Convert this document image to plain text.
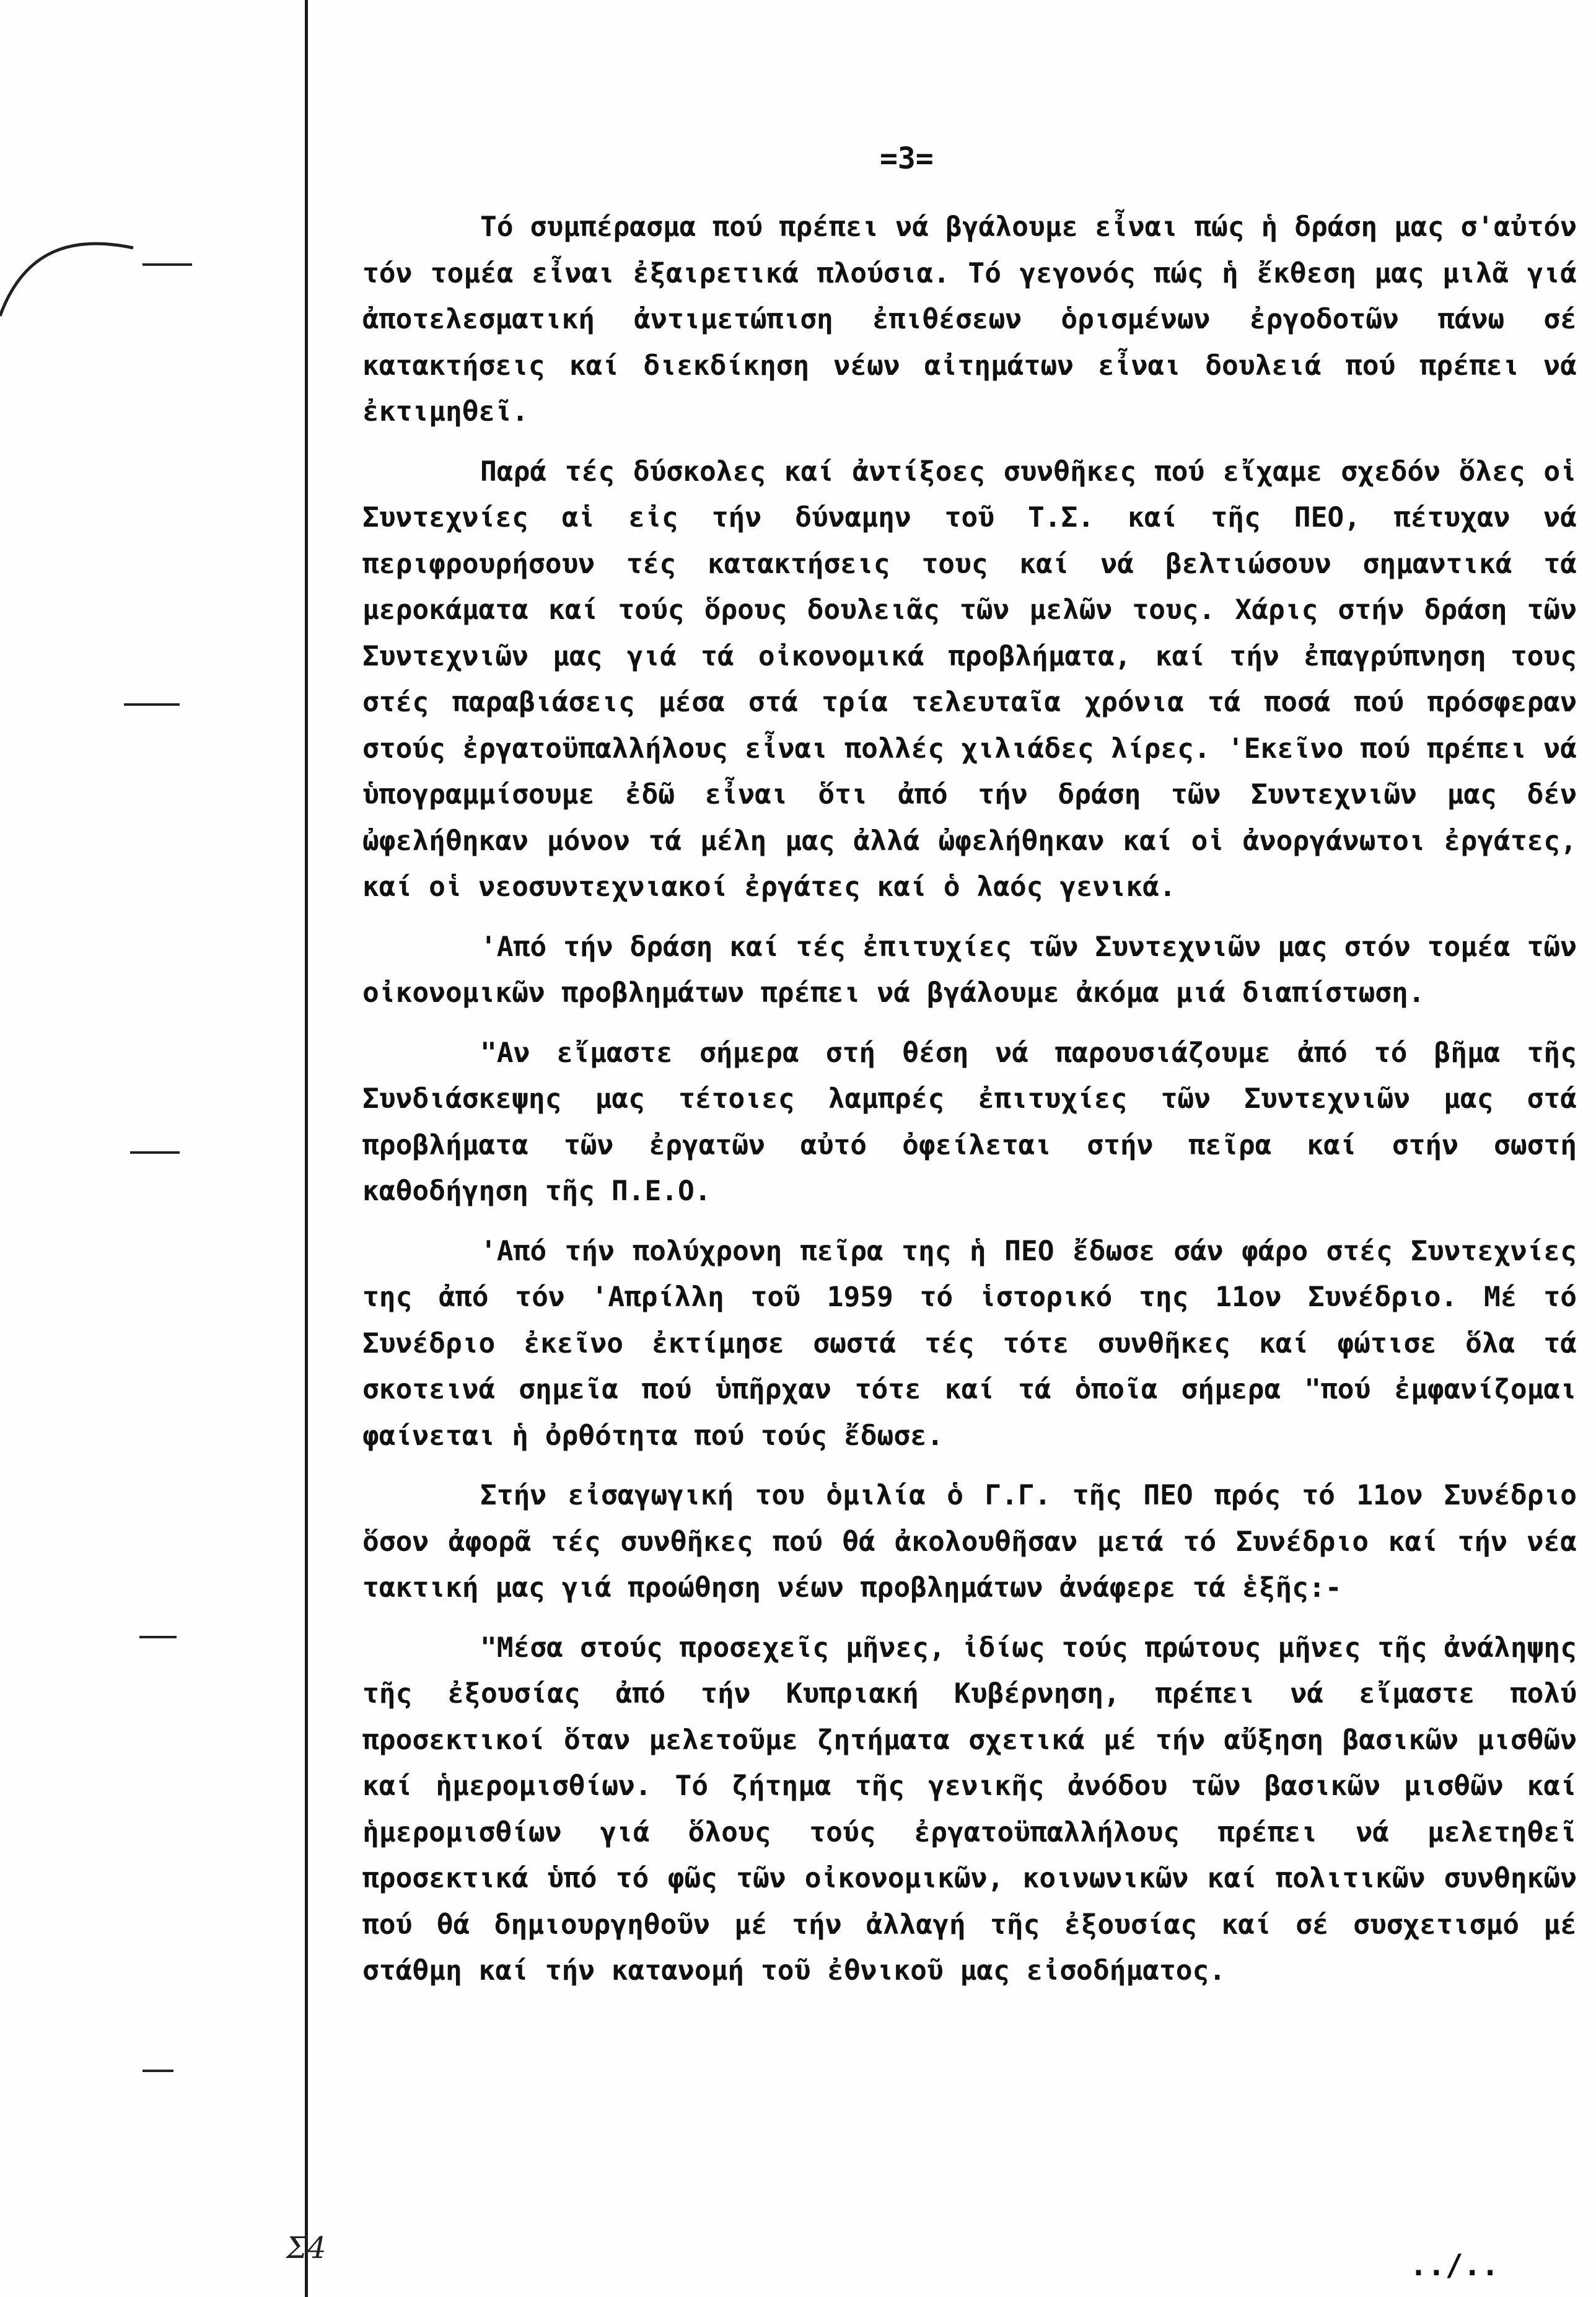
=3=

Τό συμπέρασμα πού πρέπει νά βγάλουμε εἶναι πώς ἡ δράση μας σ'αὐτόν τόν τομέα εἶναι ἐξαιρετικά πλούσια. Τό γεγονός πώς ἡ ἔκθεση μας μιλᾶ γιά ἀποτελεσματική ἀντιμετώπιση ἐπιθέσεων ὁρισμένων ἐργοδοτῶν πάνω σέ κατακτήσεις καί διεκδίκηση νέων αἰτημάτων εἶναι δουλειά πού πρέπει νά ἐκτιμηθεῖ.

Παρά τές δύσκολες καί ἀντίξοες συνθῆκες πού εἴχαμε σχεδόν ὅλες οἱ Συντεχνίες αἱ εἰς τήν δύναμην τοῦ Τ.Σ. καί τῆς ΠΕΟ, πέτυχαν νά περιφρουρήσουν τές κατακτήσεις τους καί νά βελτιώσουν σημαντικά τά μεροκάματα καί τούς ὅρους δουλειᾶς τῶν μελῶν τους. Χάρις στήν δράση τῶν Συντεχνιῶν μας γιά τά οἰκονομικά προβλήματα, καί τήν ἐπαγρύπνηση τους στές παραβιάσεις μέσα στά τρία τελευταῖα χρόνια τά ποσά πού πρόσφεραν στούς ἐργατοϋπαλλήλους εἶναι πολλές χιλιάδες λίρες. 'Εκεῖνο πού πρέπει νά ὑπογραμμίσουμε ἐδῶ εἶναι ὅτι ἀπό τήν δράση τῶν Συντεχνιῶν μας δέν ὠφελήθηκαν μόνον τά μέλη μας ἀλλά ὠφελήθηκαν καί οἱ ἀνοργάνωτοι ἐργάτες, καί οἱ νεοσυντεχνιακοί ἐργάτες καί ὁ λαός γενικά.

'Από τήν δράση καί τές ἐπιτυχίες τῶν Συντεχνιῶν μας στόν τομέα τῶν οἰκονομικῶν προβλημάτων πρέπει νά βγάλουμε ἀκόμα μιά διαπίστωση.

"Αν εἴμαστε σήμερα στή θέση νά παρουσιάζουμε ἀπό τό βῆμα τῆς Συνδιάσκεψης μας τέτοιες λαμπρές ἐπιτυχίες τῶν Συντεχνιῶν μας στά προβλήματα τῶν ἐργατῶν αὐτό ὀφείλεται στήν πεῖρα καί στήν σωστή καθοδήγηση τῆς Π.Ε.Ο.

'Από τήν πολύχρονη πεῖρα της ἡ ΠΕΟ ἔδωσε σάν φάρο στές Συντεχνίες της ἀπό τόν 'Απρίλλη τοῦ 1959 τό ἱστορικό της 11ον Συνέδριο. Μέ τό Συνέδριο ἐκεῖνο ἐκτίμησε σωστά τές τότε συνθῆκες καί φώτισε ὅλα τά σκοτεινά σημεῖα πού ὑπῆρχαν τότε καί τά ὁποῖα σήμερα "πού ἐμφανίζομαι φαίνεται ἡ ὀρθότητα πού τούς ἔδωσε.

Στήν εἰσαγωγική του ὁμιλία ὁ Γ.Γ. τῆς ΠΕΟ πρός τό 11ον Συνέδριο ὅσον ἀφορᾶ τές συνθῆκες πού θά ἀκολουθῆσαν μετά τό Συνέδριο καί τήν νέα τακτική μας γιά προώθηση νέων προβλημάτων ἀνάφερε τά ἑξῆς:-

"Μέσα στούς προσεχεῖς μῆνες, ἰδίως τούς πρώτους μῆνες τῆς ἀνάληψης τῆς ἐξουσίας ἀπό τήν Κυπριακή Κυβέρνηση, πρέπει νά εἴμαστε πολύ προσεκτικοί ὅταν μελετοῦμε ζητήματα σχετικά μέ τήν αὔξηση βασικῶν μισθῶν καί ἡμερομισθίων. Τό ζήτημα τῆς γενικῆς ἀνόδου τῶν βασικῶν μισθῶν καί ἡμερομισθίων γιά ὅλους τούς ἐργατοϋπαλλήλους πρέπει νά μελετηθεῖ προσεκτικά ὑπό τό φῶς τῶν οἰκονομικῶν, κοινωνικῶν καί πολιτικῶν συνθηκῶν πού θά δημιουργηθοῦν μέ τήν ἀλλαγή τῆς ἐξουσίας καί σέ συσχετισμό μέ στάθμη καί τήν κατανομή τοῦ ἐθνικοῦ μας εἰσοδήματος.

Σ4	../..
